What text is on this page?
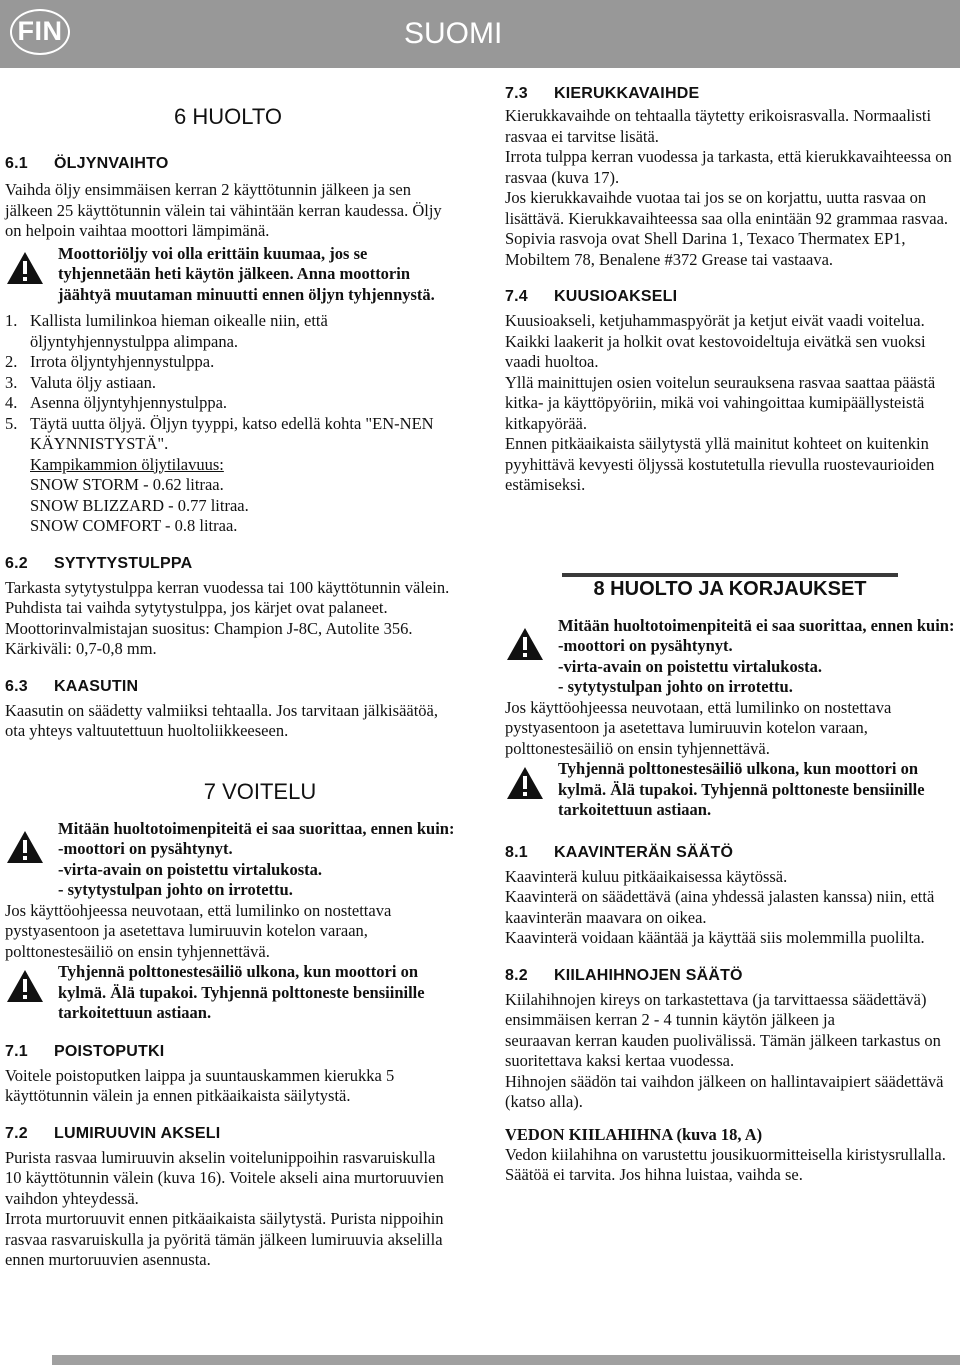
FIN	SUOMI
6 HUOLTO
6.1 ÖLJYNVAIHTO

Vaihda öljy ensimmäisen kerran 2 käyttötunnin jälkeen ja sen jälkeen 25 käyttötunnin välein tai vähintään kerran kaudessa. Öljy on helpoin vaihtaa moottori lämpimänä.

Moottoriöljy voi olla erittäin kuumaa, jos se tyhjennetään heti käytön jälkeen. Anna moottorin jäähtyä muutaman minuutti ennen öljyn tyhjennystä.

1. Kallista lumilinkoa hieman oikealle niin, että öljyntyhjennystulppa alimpana.
2. Irrota öljyntyhjennystulppa.
3. Valuta öljy astiaan.
4. Asenna öljyntyhjennystulppa.
5. Täytä uutta öljyä. Öljyn tyyppi, katso edellä kohta "EN-NEN KÄYNNISTYSTÄ".
Kampikammion öljytilavuus:
SNOW STORM - 0.62 litraa.
SNOW BLIZZARD - 0.77 litraa.
SNOW COMFORT - 0.8 litraa.
6.2 SYTYTYSTULPPA

Tarkasta sytytystulppa kerran vuodessa tai 100 käyttötunnin välein.

Puhdista tai vaihda sytytystulppa, jos kärjet ovat palaneet. Moottorinvalmistajan suositus: Champion J-8C, Autolite 356.

Kärkiväli: 0,7-0,8 mm.

6.3 KAASUTIN

Kaasutin on säädetty valmiiksi tehtaalla. Jos tarvitaan jälkisäätöä, ota yhteys valtuutettuun huoltoliikkeeseen.

7 VOITELU

Mitään huoltotoimenpiteitä ei saa suorittaa, ennen kuin:

-moottori on pysähtynyt.

-virta-avain on poistettu virtalukosta.

- sytytystulpan johto on irrotettu.

Jos käyttöohjeessa neuvotaan, että lumilinko on nostettava pystyasentoon ja asetettava lumiruuvin kotelon varaan, polttonestesäiliö on ensin tyhjennettävä.

Tyhjennä polttonestesäiliö ulkona, kun moottori on kylmä. Älä tupakoi. Tyhjennä polttoneste bensiinille tarkoitettuun astiaan.

7.1 POISTOPUTKI

Voitele poistoputken laippa ja suuntauskammen kierukka 5 käyttötunnin välein ja ennen pitkäaikaista säilytystä.

7.2 LUMIRUUVIN AKSELI

Purista rasvaa lumiruuvin akselin voitelunippoihin rasvaruiskulla 10 käyttötunnin välein (kuva 16). Voitele akseli aina murtoruuvien vaihdon yhteydessä.

Irrota murtoruuvit ennen pitkäaikaista säilytystä. Purista nippoihin rasvaa rasvaruiskulla ja pyöritä tämän jälkeen lumiruuvia akselilla ennen murtoruuvien asennusta.

7.3 KIERUKKAVAIHDE

Kierukkavaihde on tehtaalla täytetty erikoisrasvalla. Normaalisti rasvaa ei tarvitse lisätä.

Irrota tulppa kerran vuodessa ja tarkasta, että kierukkavaihteessa on rasvaa (kuva 17).

Jos kierukkavaihde vuotaa tai jos se on korjattu, uutta rasvaa on lisättävä. Kierukkavaihteessa saa olla enintään 92 grammaa rasvaa.

Sopivia rasvoja ovat Shell Darina 1, Texaco Thermatex EP1, Mobiltem 78, Benalene #372 Grease tai vastaava.

7.4 KUUSIOAKSELI

Kuusioakseli, ketjuhammaspyörät ja ketjut eivät vaadi voitelua. Kaikki laakerit ja holkit ovat kestovoideltuja eivätkä sen vuoksi vaadi huoltoa.

Yllä mainittujen osien voitelun seurauksena rasvaa saattaa päästä kitka- ja käyttöpyöriin, mikä voi vahingoittaa kumipäällysteistä kitkapyörää.

Ennen pitkäaikaista säilytystä yllä mainitut kohteet on kuitenkin pyyhittävä kevyesti öljyssä kostutetulla rievulla ruostevaurioiden estämiseksi.

8 HUOLTO JA KORJAUKSET

Mitään huoltotoimenpiteitä ei saa suorittaa, ennen kuin:

-moottori on pysähtynyt.

-virta-avain on poistettu virtalukosta.

- sytytystulpan johto on irrotettu.

Jos käyttöohjeessa neuvotaan, että lumilinko on nostettava pystyasentoon ja asetettava lumiruuvin kotelon varaan, polttonestesäiliö on ensin tyhjennettävä.

Tyhjennä polttonestesäiliö ulkona, kun moottori on kylmä. Älä tupakoi. Tyhjennä polttoneste bensiinille tarkoitettuun astiaan.

8.1 KAAVINTERÄN SÄÄTÖ

Kaavinterä kuluu pitkäaikaisessa käytössä.

Kaavinterä on säädettävä (aina yhdessä jalasten kanssa) niin, että kaavinterän maavara on oikea.

Kaavinterä voidaan kääntää ja käyttää siis molemmilla puolilta.

8.2 KIILAHIHNOJEN SÄÄTÖ

Kiilahihnojen kireys on tarkastettava (ja tarvittaessa säädettävä) ensimmäisen kerran 2 - 4 tunnin käytön jälkeen ja

seuraavan kerran kauden puolivälissä. Tämän jälkeen tarkastus on suoritettava kaksi kertaa vuodessa.

Hihnojen säädön tai vaihdon jälkeen on hallintavaipiert säädettävä (katso alla).

VEDON KIILAHIHNA (kuva 18, A)

Vedon kiilahihna on varustettu jousikuormitteisella kiristysrullalla. Säätöä ei tarvita. Jos hihna luistaa, vaihda se.
